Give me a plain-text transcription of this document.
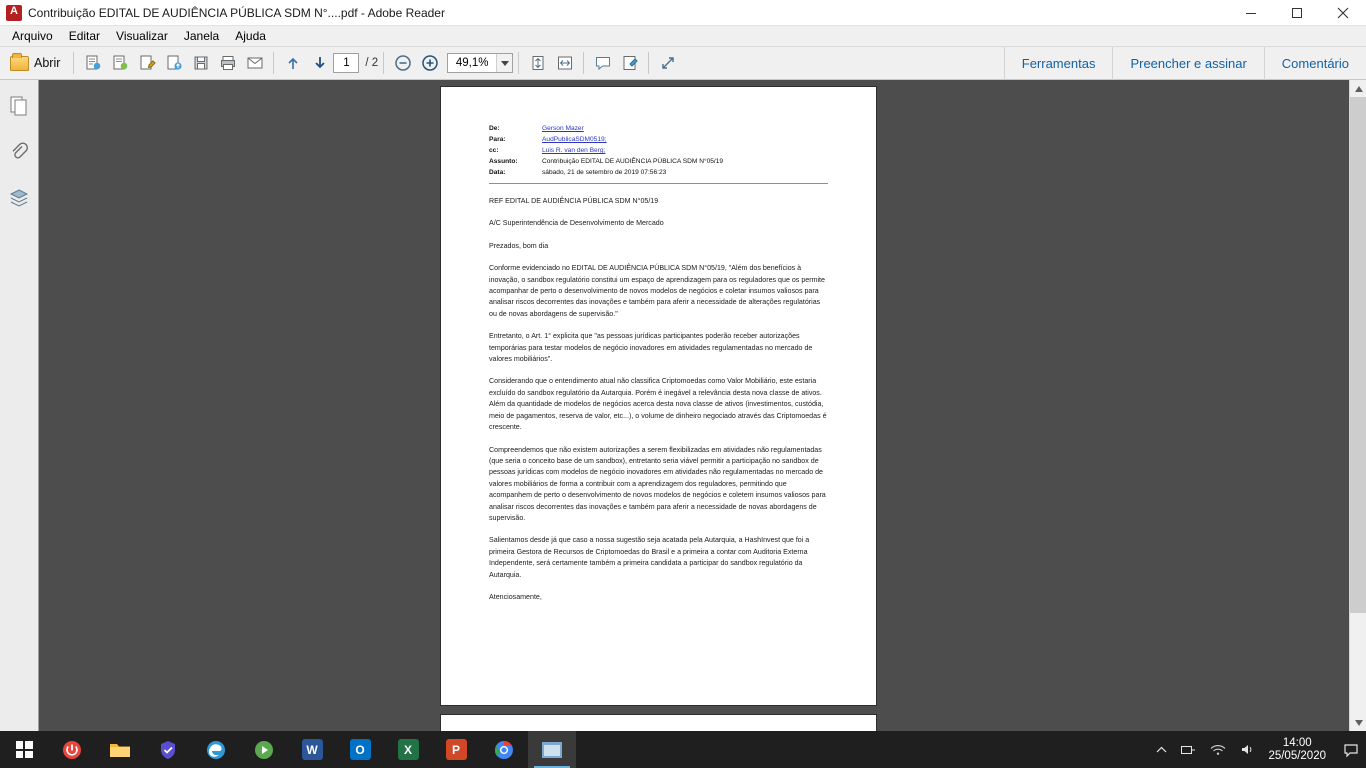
A
Contribuição EDITAL DE AUDIÊNCIA PÚBLICA SDM N°....pdf - Adobe Reader
Arquivo	Editar	Visualizar	Janela	Ajuda
Abrir	1	/ 2	49,1%	Ferramentas	Preencher e assinar	Comentário
De:	Gerson Mazer
Para:	AudPublicaSDM0519;
cc:	Luis R. van den Berg;
Assunto:	Contribuição EDITAL DE AUDIÊNCIA PÚBLICA SDM N°05/19
Data:	sábado, 21 de setembro de 2019 07:56:23
REF EDITAL DE AUDIÊNCIA PÚBLICA SDM N°05/19
A/C Superintendência de Desenvolvimento de Mercado
Prezados, bom dia
Conforme evidenciado no EDITAL DE AUDIÊNCIA PÚBLICA SDM N°05/19, "Além dos benefícios à inovação, o sandbox regulatório constitui um espaço de aprendizagem para os reguladores que os permite acompanhar de perto o desenvolvimento de novos modelos de negócios e coletar insumos valiosos para analisar riscos decorrentes das inovações e também para aferir a necessidade de alterações regulatórias ou de novas abordagens de supervisão."
Entretanto, o Art. 1° explicita que "as pessoas jurídicas participantes poderão receber autorizações temporárias para testar modelos de negócio inovadores em atividades regulamentadas no mercado de valores mobiliários".
Considerando que o entendimento atual não classifica Criptomoedas como Valor Mobiliário, este estaria excluído do sandbox regulatório da Autarquia. Porém é inegável a relevância desta nova classe de ativos. Além da quantidade de modelos de negócios acerca desta nova classe de ativos (investimentos, custódia, meio de pagamentos, reserva de valor, etc...), o volume de dinheiro negociado através das Criptomoedas é crescente.
Compreendemos que não existem autorizações a serem flexibilizadas em atividades não regulamentadas (que seria o conceito base de um sandbox), entretanto seria viável permitir a participação no sandbox de pessoas jurídicas com modelos de negócio inovadores em atividades não regulamentadas no mercado de valores mobiliários de forma a contribuir com a aprendizagem dos reguladores, permitindo que acompanhem de perto o desenvolvimento de novos modelos de negócios e coletem insumos valiosos para analisar riscos decorrentes das inovações e também para aferir a necessidade de novas abordagens de supervisão.
Salientamos desde já que caso a nossa sugestão seja acatada pela Autarquia, a HashInvest que foi a primeira Gestora de Recursos de Criptomoedas do Brasil e a primeira a contar com Auditoria Externa Independente, será certamente também a primeira candidata a participar do sandbox regulatório da Autarquia.
Atenciosamente,
W	O	X	P	14:00
25/05/2020
